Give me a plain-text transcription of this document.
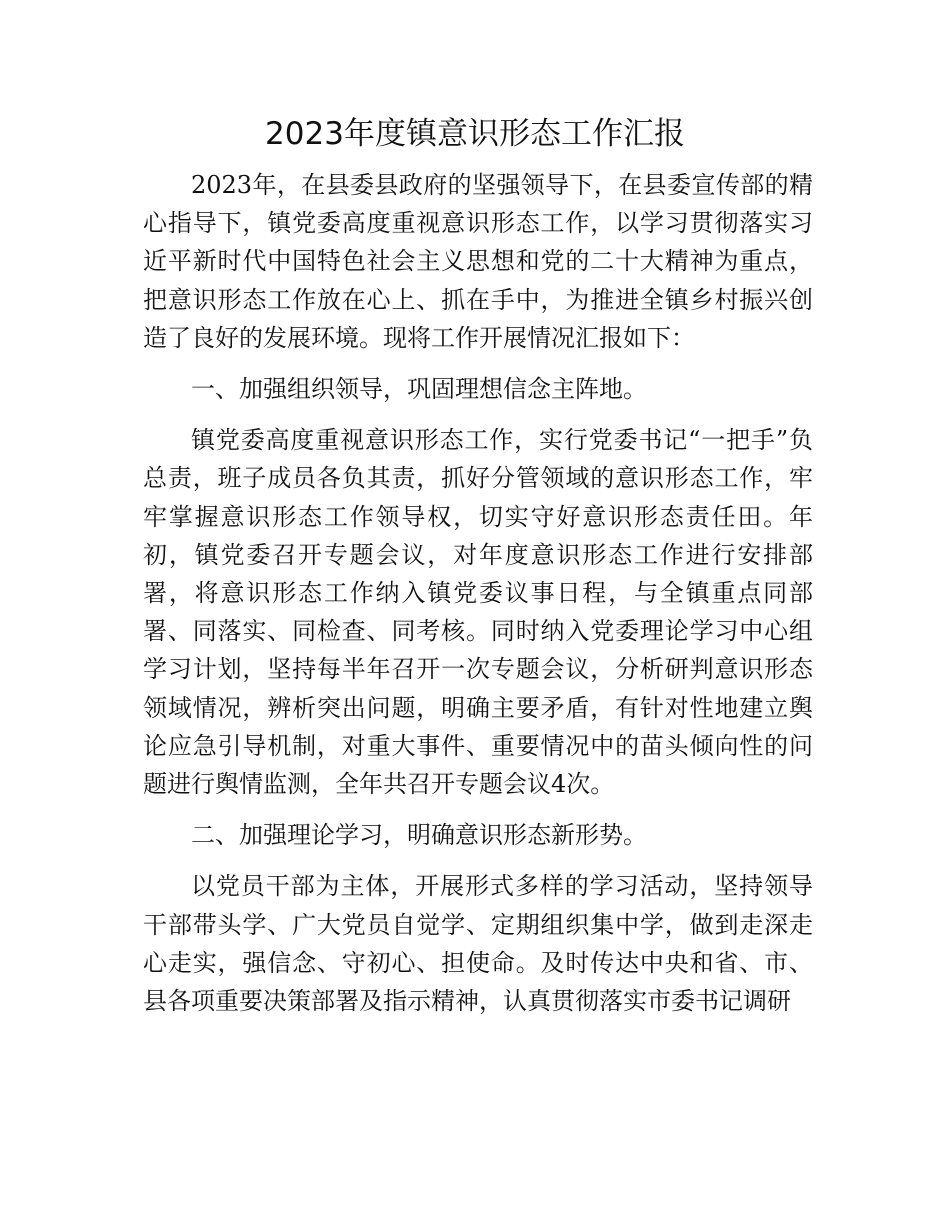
2023年度镇意识形态工作汇报

2023年，在县委县政府的坚强领导下，在县委宣传部的精心指导下，镇党委高度重视意识形态工作，以学习贯彻落实习近平新时代中国特色社会主义思想和党的二十大精神为重点，把意识形态工作放在心上、抓在手中，为推进全镇乡村振兴创造了良好的发展环境。现将工作开展情况汇报如下：

一、加强组织领导，巩固理想信念主阵地。

镇党委高度重视意识形态工作，实行党委书记“一把手”负总责，班子成员各负其责，抓好分管领域的意识形态工作，牢牢掌握意识形态工作领导权，切实守好意识形态责任田。年初，镇党委召开专题会议，对年度意识形态工作进行安排部署，将意识形态工作纳入镇党委议事日程，与全镇重点同部署、同落实、同检查、同考核。同时纳入党委理论学习中心组学习计划，坚持每半年召开一次专题会议，分析研判意识形态领域情况，辨析突出问题，明确主要矛盾，有针对性地建立舆论应急引导机制，对重大事件、重要情况中的苗头倾向性的问题进行舆情监测，全年共召开专题会议4次。

二、加强理论学习，明确意识形态新形势。

以党员干部为主体，开展形式多样的学习活动，坚持领导干部带头学、广大党员自觉学、定期组织集中学，做到走深走心走实，强信念、守初心、担使命。及时传达中央和省、市、县各项重要决策部署及指示精神，认真贯彻落实市委书记调研
